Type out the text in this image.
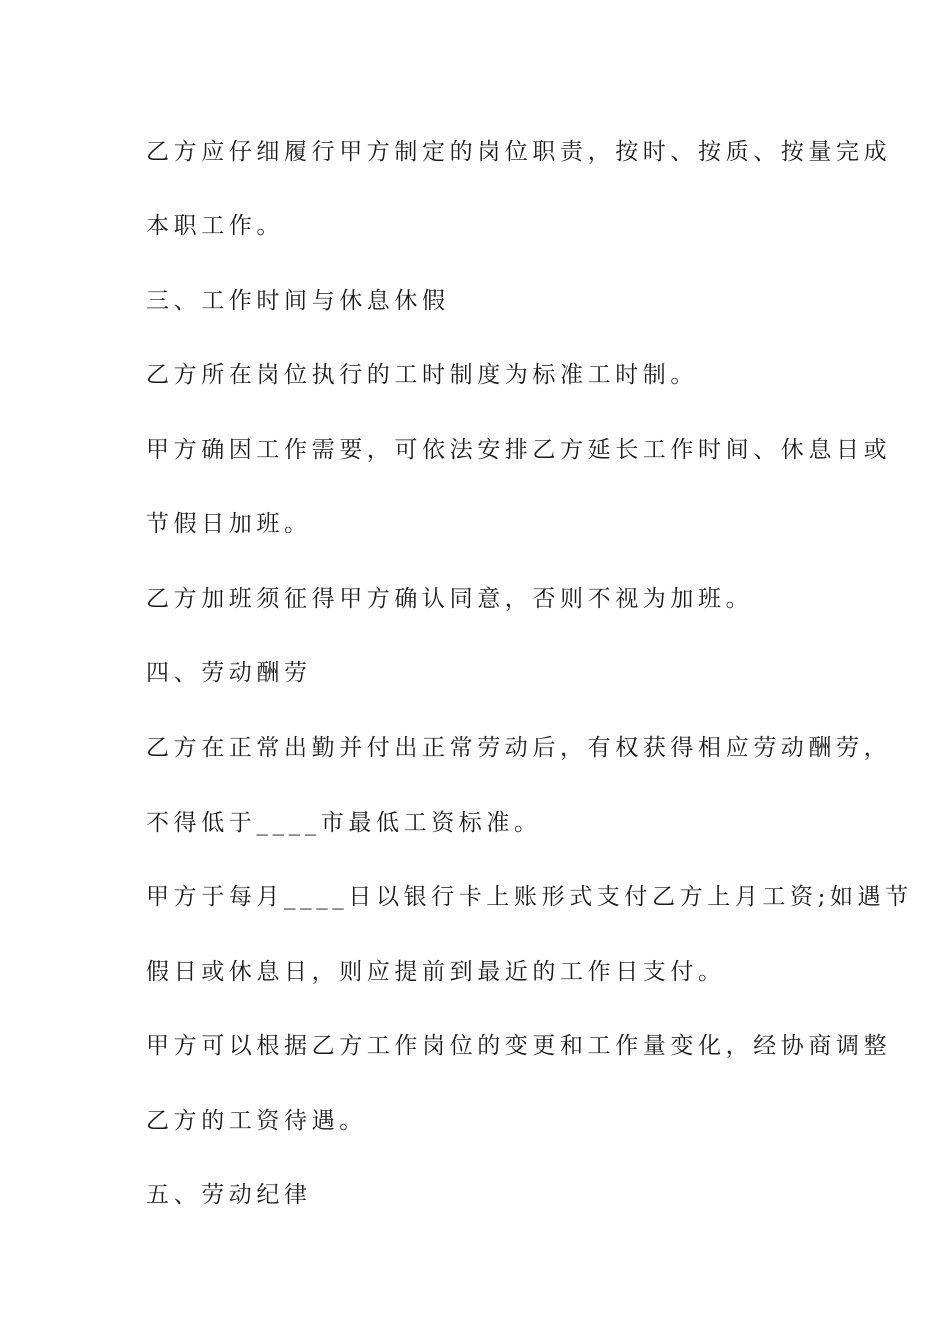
乙方应仔细履行甲方制定的岗位职责，按时、按质、按量完成
本职工作。
三、工作时间与休息休假
乙方所在岗位执行的工时制度为标准工时制。
甲方确因工作需要，可依法安排乙方延长工作时间、休息日或
节假日加班。
乙方加班须征得甲方确认同意，否则不视为加班。
四、劳动酬劳
乙方在正常出勤并付出正常劳动后，有权获得相应劳动酬劳，
不得低于____市最低工资标准。
甲方于每月____日以银行卡上账形式支付乙方上月工资;如遇节
假日或休息日，则应提前到最近的工作日支付。
甲方可以根据乙方工作岗位的变更和工作量变化，经协商调整
乙方的工资待遇。
五、劳动纪律
